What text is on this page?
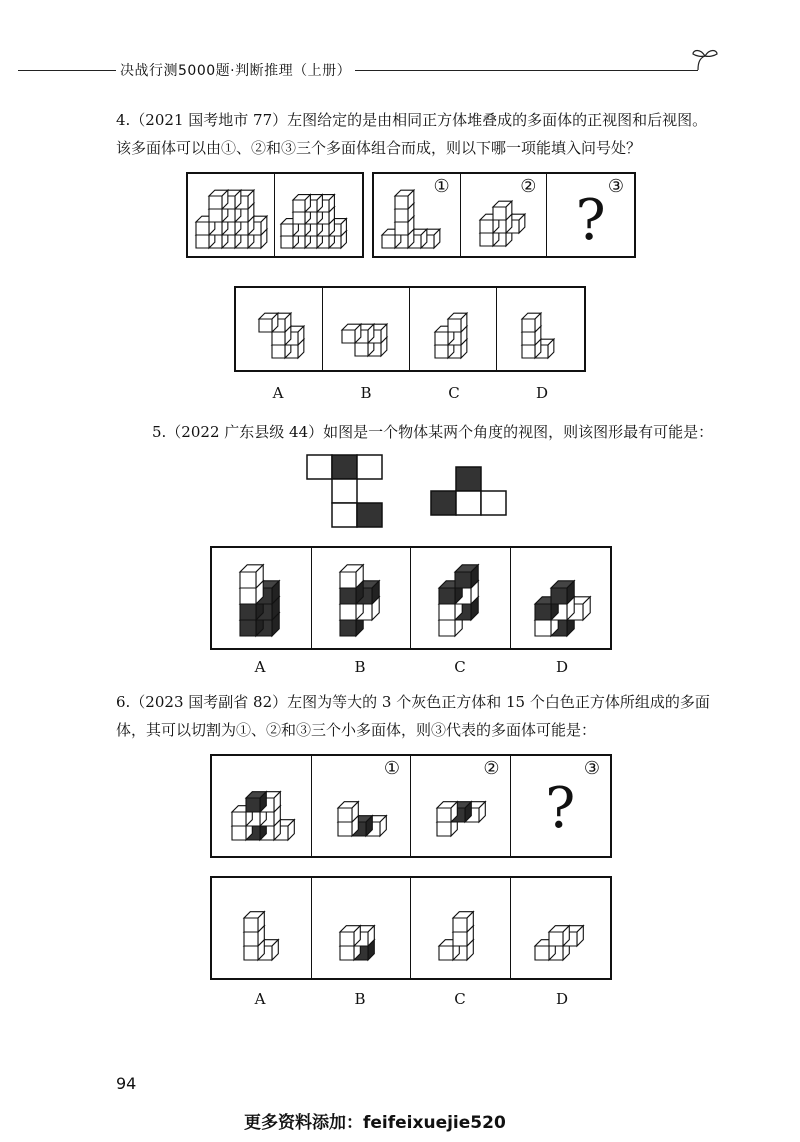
决战行测5000题·判断推理（上册）
4.（2021 国考地市 77）左图给定的是由相同正方体堆叠成的多面体的正视图和后视图。该多面体可以由①、②和③三个多面体组合而成，则以下哪一项能填入问号处？
①	②	③
?
A	B	C	D
5.（2022 广东县级 44）如图是一个物体某两个角度的视图，则该图形最有可能是：
A	B	C	D
6.（2023 国考副省 82）左图为等大的 3 个灰色正方体和 15 个白色正方体所组成的多面体，其可以切割为①、②和③三个小多面体，则③代表的多面体可能是：
①	②	③
?
A	B	C	D
94
更多资料添加：feifeixuejie520
